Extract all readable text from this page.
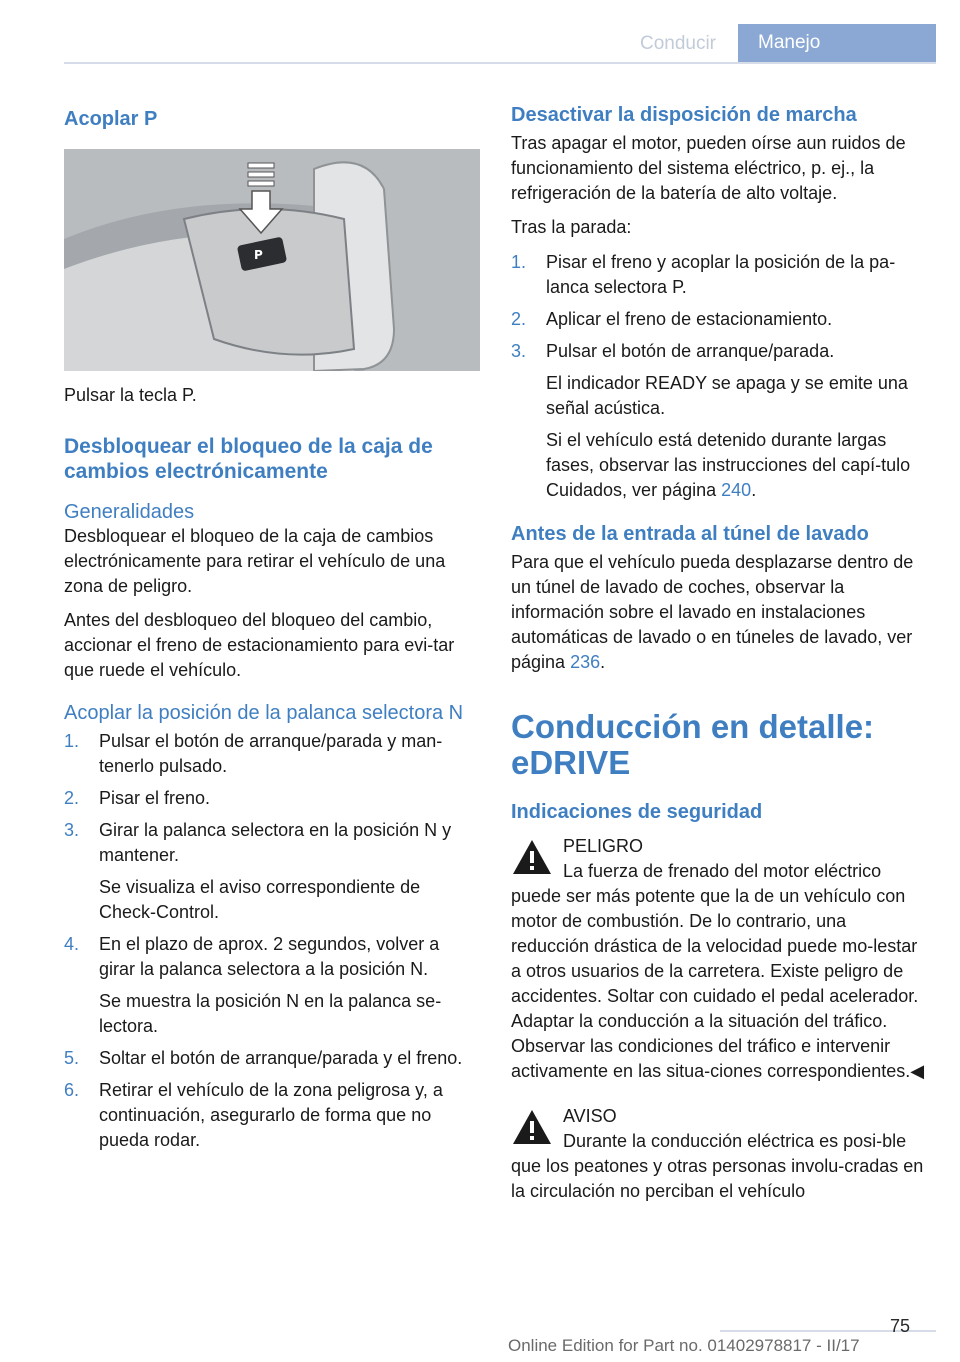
Conducir	Manejo
Acoplar P
P

Pulsar la tecla P.

Desbloquear el bloqueo de la caja de cambios electrónicamente
Generalidades

Desbloquear el bloqueo de la caja de cambios electrónicamente para retirar el vehículo de una zona de peligro.

Antes del desbloqueo del bloqueo del cambio, accionar el freno de estacionamiento para evi‐tar que ruede el vehículo.

Acoplar la posición de la palanca selectora N
1. Pulsar el botón de arranque/parada y man‐tenerlo pulsado.
2. Pisar el freno.
3. Girar la palanca selectora en la posición N y mantener.
Se visualiza el aviso correspondiente de Check-Control.
4. En el plazo de aprox. 2 segundos, volver a girar la palanca selectora a la posición N.
Se muestra la posición N en la palanca se‐lectora.
5. Soltar el botón de arranque/parada y el freno.
6. Retirar el vehículo de la zona peligrosa y, a continuación, asegurarlo de forma que no pueda rodar.
Desactivar la disposición de marcha

Tras apagar el motor, pueden oírse aun ruidos de funcionamiento del sistema eléctrico, p. ej., la refrigeración de la batería de alto voltaje.

Tras la parada:

1. Pisar el freno y acoplar la posición de la pa‐lanca selectora P.
2. Aplicar el freno de estacionamiento.
3. Pulsar el botón de arranque/parada.
El indicador READY se apaga y se emite una señal acústica.
Si el vehículo está detenido durante largas fases, observar las instrucciones del capí‐tulo Cuidados, ver página 240.
Antes de la entrada al túnel de lavado

Para que el vehículo pueda desplazarse dentro de un túnel de lavado de coches, observar la información sobre el lavado en instalaciones automáticas de lavado o en túneles de lavado, ver página 236.

Conducción en detalle: eDRIVE
Indicaciones de seguridad

PELIGRO

La fuerza de frenado del motor eléctrico puede ser más potente que la de un vehículo con motor de combustión. De lo contrario, una reducción drástica de la velocidad puede mo‐lestar a otros usuarios de la carretera. Existe peligro de accidentes. Soltar con cuidado el pedal acelerador. Adaptar la conducción a la situación del tráfico. Observar las condiciones del tráfico e intervenir activamente en las situa‐ciones correspondientes.◀

AVISO

Durante la conducción eléctrica es posi‐ble que los peatones y otras personas involu‐cradas en la circulación no perciban el vehículo

75
Online Edition for Part no. 01402978817 - II/17
